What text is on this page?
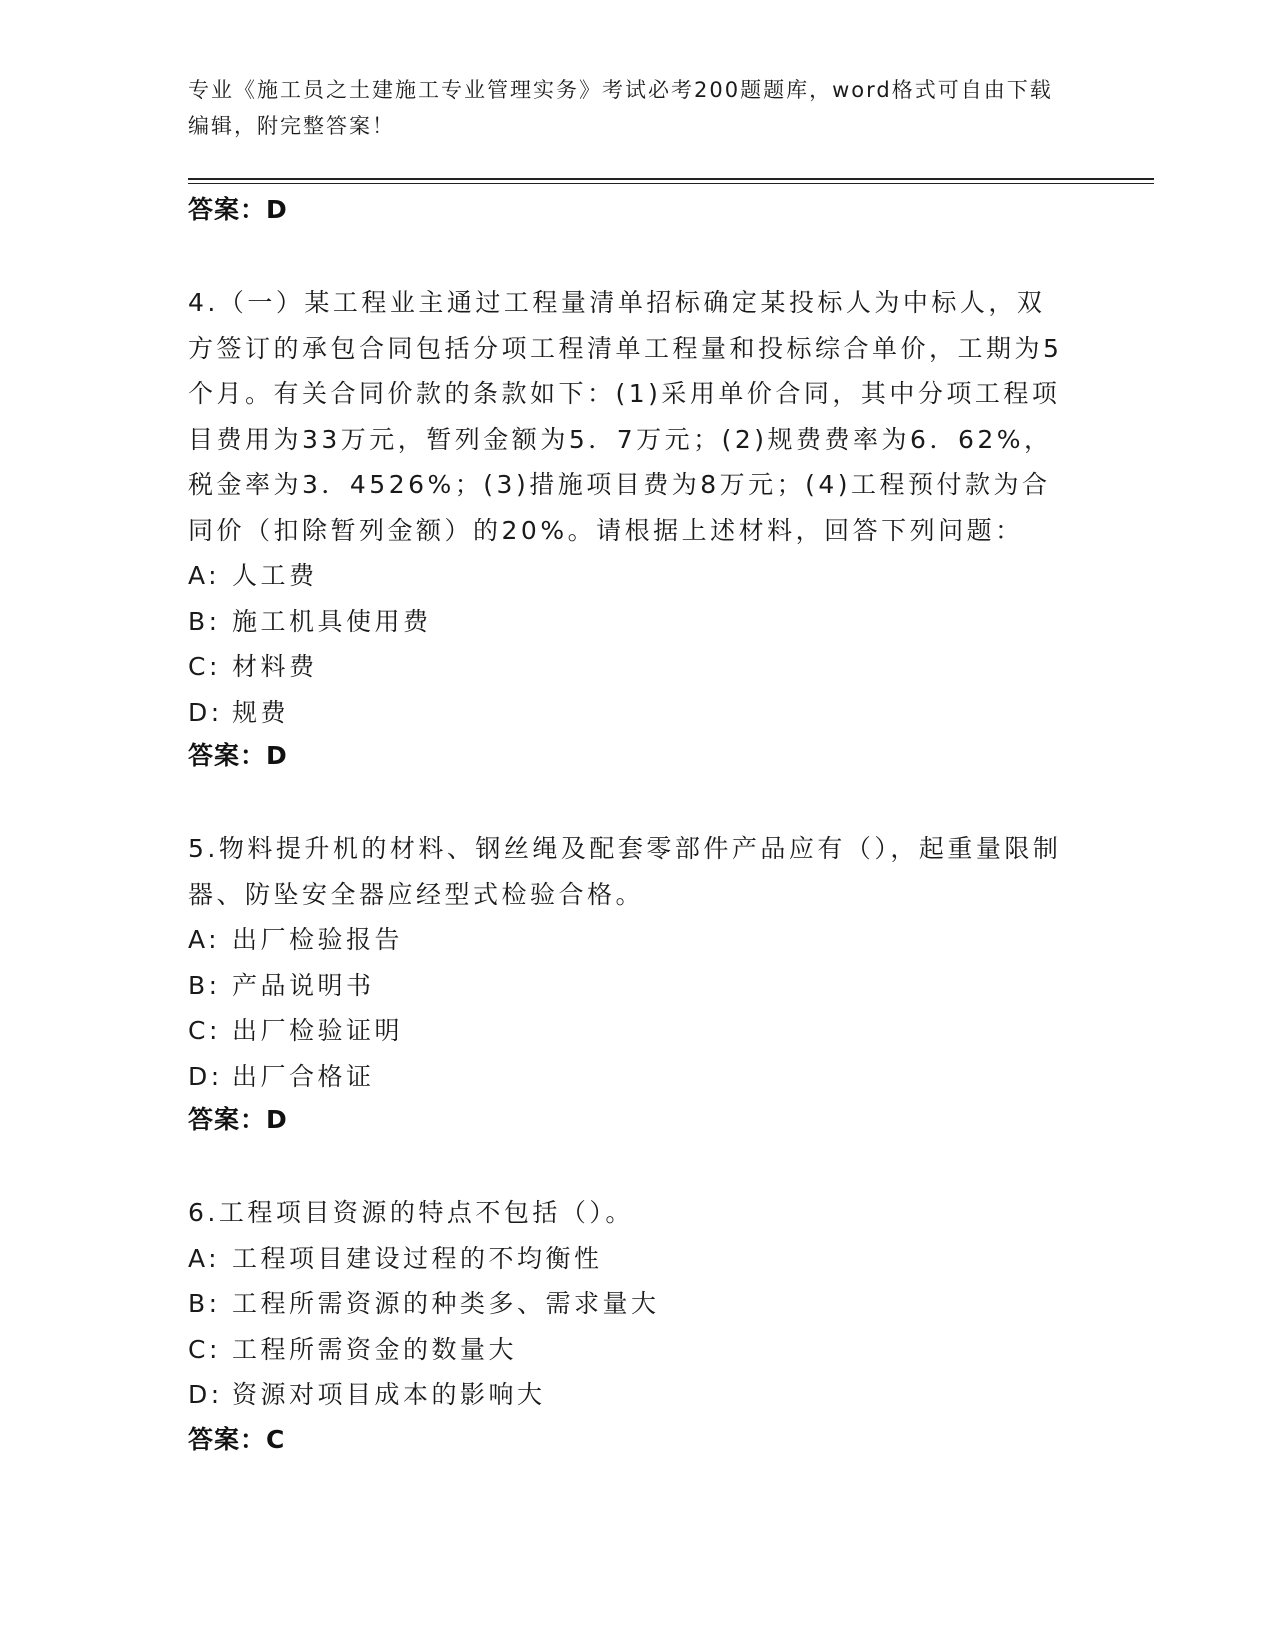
专业《施工员之土建施工专业管理实务》考试必考200题题库，word格式可自由下载编辑，附完整答案！
答案：D
4.（一）某工程业主通过工程量清单招标确定某投标人为中标人，双方签订的承包合同包括分项工程清单工程量和投标综合单价，工期为5个月。有关合同价款的条款如下：(1)采用单价合同，其中分项工程项目费用为33万元，暂列金额为5．7万元；(2)规费费率为6．62%，税金率为3．4526%；(3)措施项目费为8万元；(4)工程预付款为合同价（扣除暂列金额）的20%。请根据上述材料，回答下列问题：
A: 人工费
B: 施工机具使用费
C: 材料费
D: 规费
答案：D
5.物料提升机的材料、钢丝绳及配套零部件产品应有（），起重量限制器、防坠安全器应经型式检验合格。
A: 出厂检验报告
B: 产品说明书
C: 出厂检验证明
D: 出厂合格证
答案：D
6.工程项目资源的特点不包括（）。
A: 工程项目建设过程的不均衡性
B: 工程所需资源的种类多、需求量大
C: 工程所需资金的数量大
D: 资源对项目成本的影响大
答案：C
